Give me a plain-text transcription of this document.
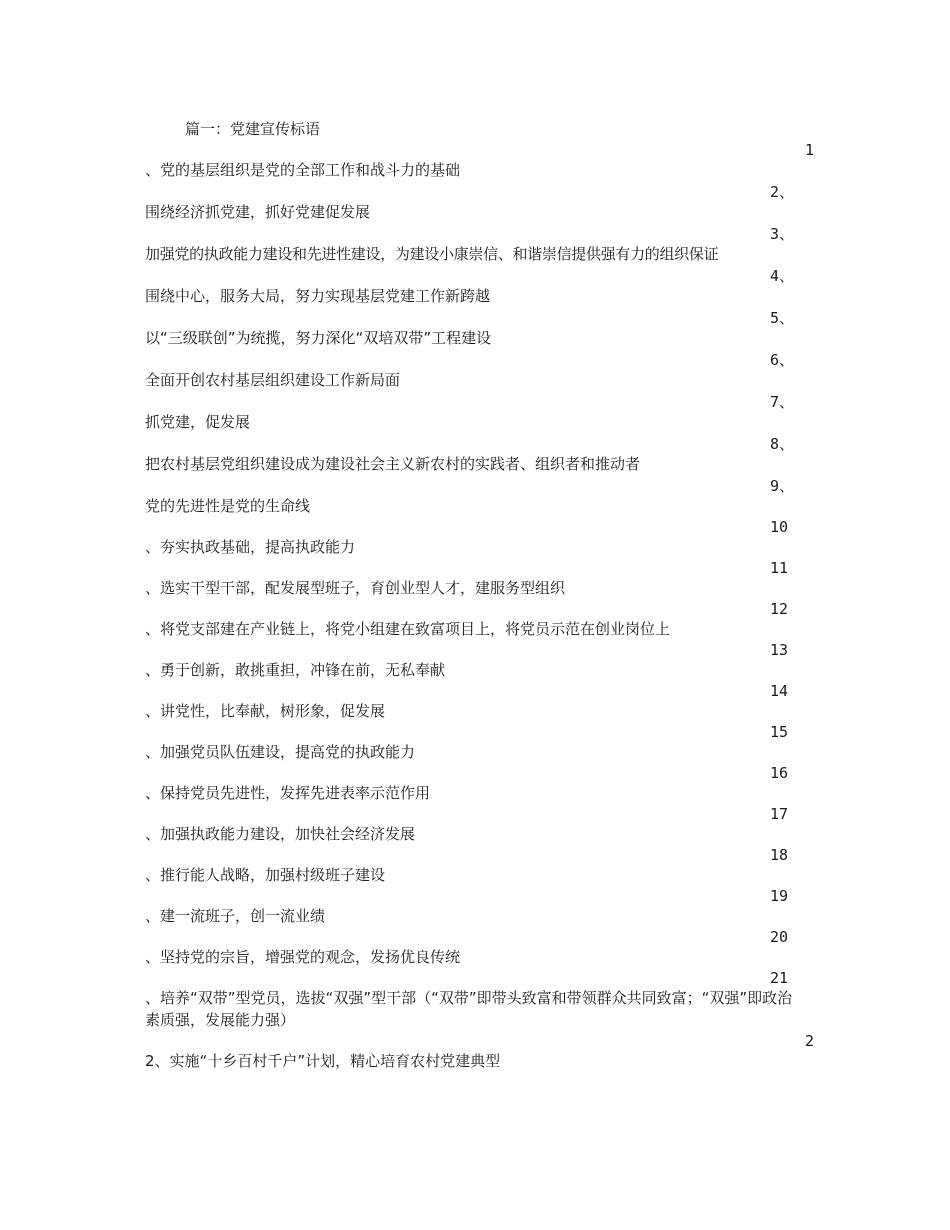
篇一：党建宣传标语
1
、党的基层组织是党的全部工作和战斗力的基础
2、
围绕经济抓党建，抓好党建促发展
3、
加强党的执政能力建设和先进性建设，为建设小康崇信、和谐崇信提供强有力的组织保证
4、
围绕中心，服务大局，努力实现基层党建工作新跨越
5、
以“三级联创”为统揽，努力深化“双培双带”工程建设
6、
全面开创农村基层组织建设工作新局面
7、
抓党建，促发展
8、
把农村基层党组织建设成为建设社会主义新农村的实践者、组织者和推动者
9、
党的先进性是党的生命线
10
、夯实执政基础，提高执政能力
11
、选实干型干部，配发展型班子，育创业型人才，建服务型组织
12
、将党支部建在产业链上，将党小组建在致富项目上，将党员示范在创业岗位上
13
、勇于创新，敢挑重担，冲锋在前，无私奉献
14
、讲党性，比奉献，树形象，促发展
15
、加强党员队伍建设，提高党的执政能力
16
、保持党员先进性，发挥先进表率示范作用
17
、加强执政能力建设，加快社会经济发展
18
、推行能人战略，加强村级班子建设
19
、建一流班子，创一流业绩
20
、坚持党的宗旨，增强党的观念，发扬优良传统
21
、培养“双带”型党员，选拔“双强”型干部（“双带”即带头致富和带领群众共同致富；“双强”即政治素质强，发展能力强）
2
2、实施“十乡百村千户”计划，精心培育农村党建典型
